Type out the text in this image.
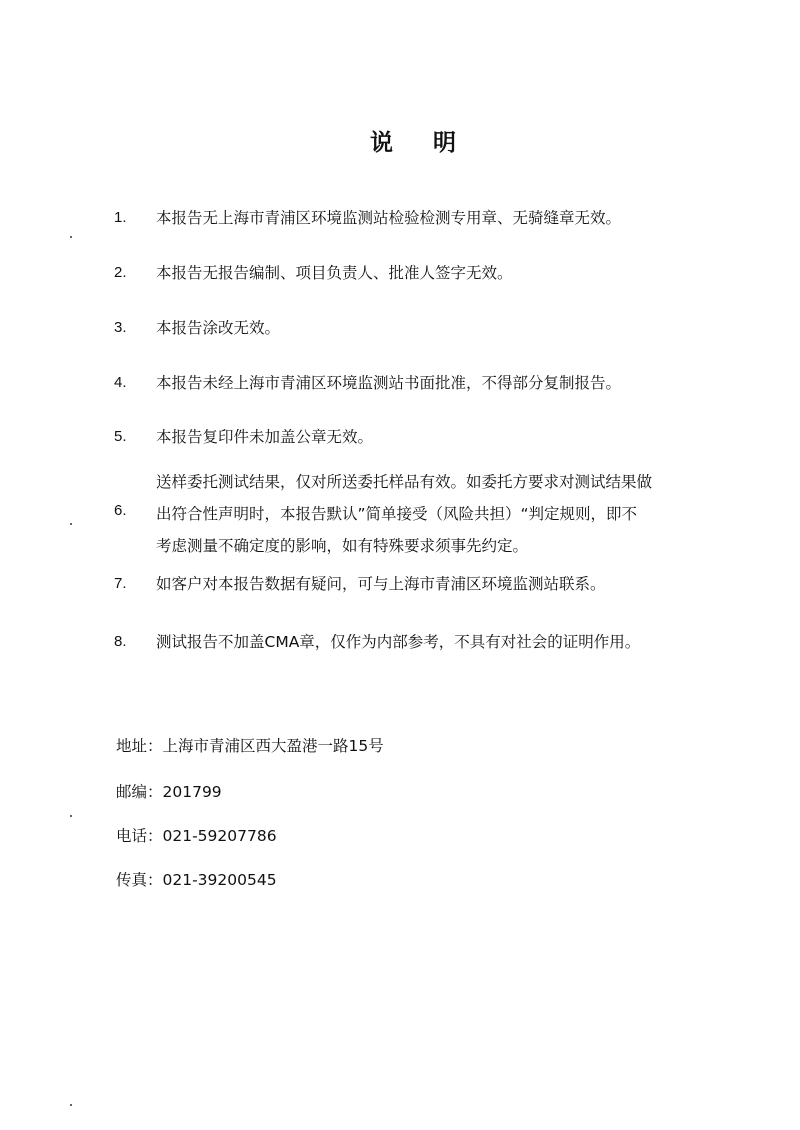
说 明
1.	本报告无上海市青浦区环境监测站检验检测专用章、无骑缝章无效。
2.	本报告无报告编制、项目负责人、批准人签字无效。
3.	本报告涂改无效。
4.	本报告未经上海市青浦区环境监测站书面批准，不得部分复制报告。
5.	本报告复印件未加盖公章无效。
6.
送样委托测试结果，仅对所送委托样品有效。如委托方要求对测试结果做
出符合性声明时，本报告默认”简单接受（风险共担）“判定规则，即不
考虑测量不确定度的影响，如有特殊要求须事先约定。
7.	如客户对本报告数据有疑问，可与上海市青浦区环境监测站联系。
8.	测试报告不加盖CMA章，仅作为内部参考，不具有对社会的证明作用。
地址：上海市青浦区西大盈港一路15号
邮编：201799
电话：021-59207786
传真：021-39200545
